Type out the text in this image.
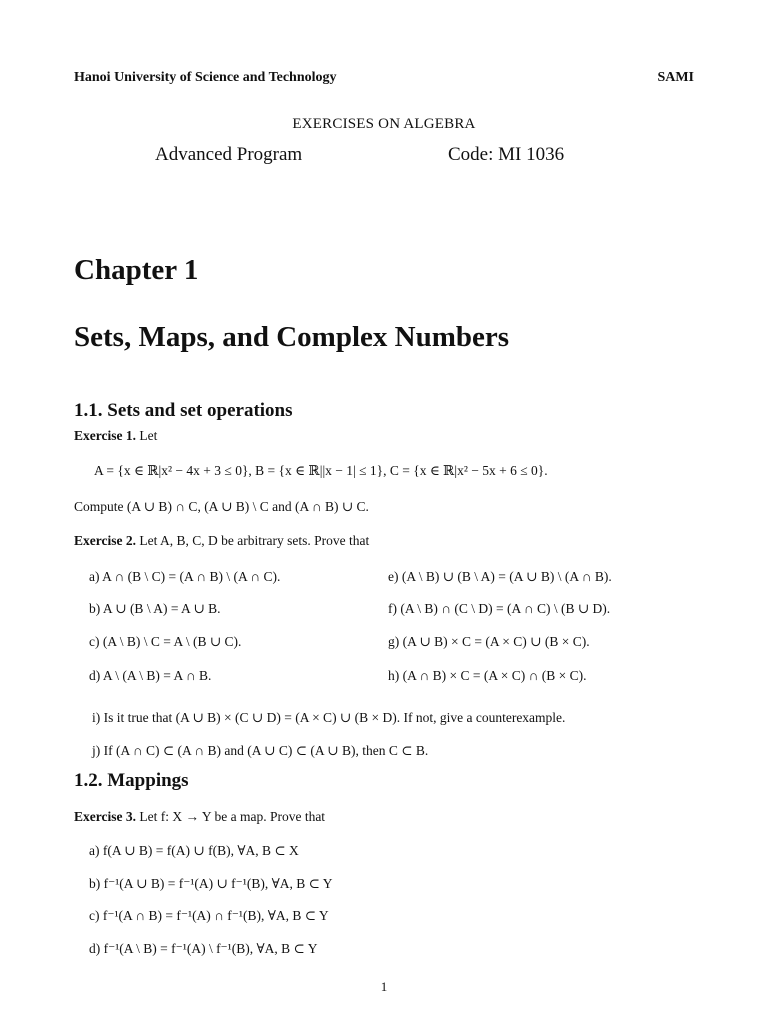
Hanoi University of Science and Technology	SAMI
EXERCISES ON ALGEBRA
Advanced Program	Code: MI 1036
Chapter 1
Sets, Maps, and Complex Numbers
1.1. Sets and set operations
Exercise 1. Let
A = {x ∈ ℝ|x² − 4x + 3 ≤ 0}, B = {x ∈ ℝ||x − 1| ≤ 1}, C = {x ∈ ℝ|x² − 5x + 6 ≤ 0}.
Compute (A ∪ B) ∩ C, (A ∪ B) \ C and (A ∩ B) ∪ C.
Exercise 2. Let A, B, C, D be arbitrary sets. Prove that
a) A ∩ (B \ C) = (A ∩ B) \ (A ∩ C).
b) A ∪ (B \ A) = A ∪ B.
c) (A \ B) \ C = A \ (B ∪ C).
d) A \ (A \ B) = A ∩ B.
e) (A \ B) ∪ (B \ A) = (A ∪ B) \ (A ∩ B).
f) (A \ B) ∩ (C \ D) = (A ∩ C) \ (B ∪ D).
g) (A ∪ B) × C = (A × C) ∪ (B × C).
h) (A ∩ B) × C = (A × C) ∩ (B × C).
i) Is it true that (A ∪ B) × (C ∪ D) = (A × C) ∪ (B × D). If not, give a counterexample.
j) If (A ∩ C) ⊂ (A ∩ B) and (A ∪ C) ⊂ (A ∪ B), then C ⊂ B.
1.2. Mappings
Exercise 3. Let f: X → Y be a map. Prove that
a) f(A ∪ B) = f(A) ∪ f(B), ∀A, B ⊂ X
b) f⁻¹(A ∪ B) = f⁻¹(A) ∪ f⁻¹(B), ∀A, B ⊂ Y
c) f⁻¹(A ∩ B) = f⁻¹(A) ∩ f⁻¹(B), ∀A, B ⊂ Y
d) f⁻¹(A \ B) = f⁻¹(A) \ f⁻¹(B), ∀A, B ⊂ Y
1
